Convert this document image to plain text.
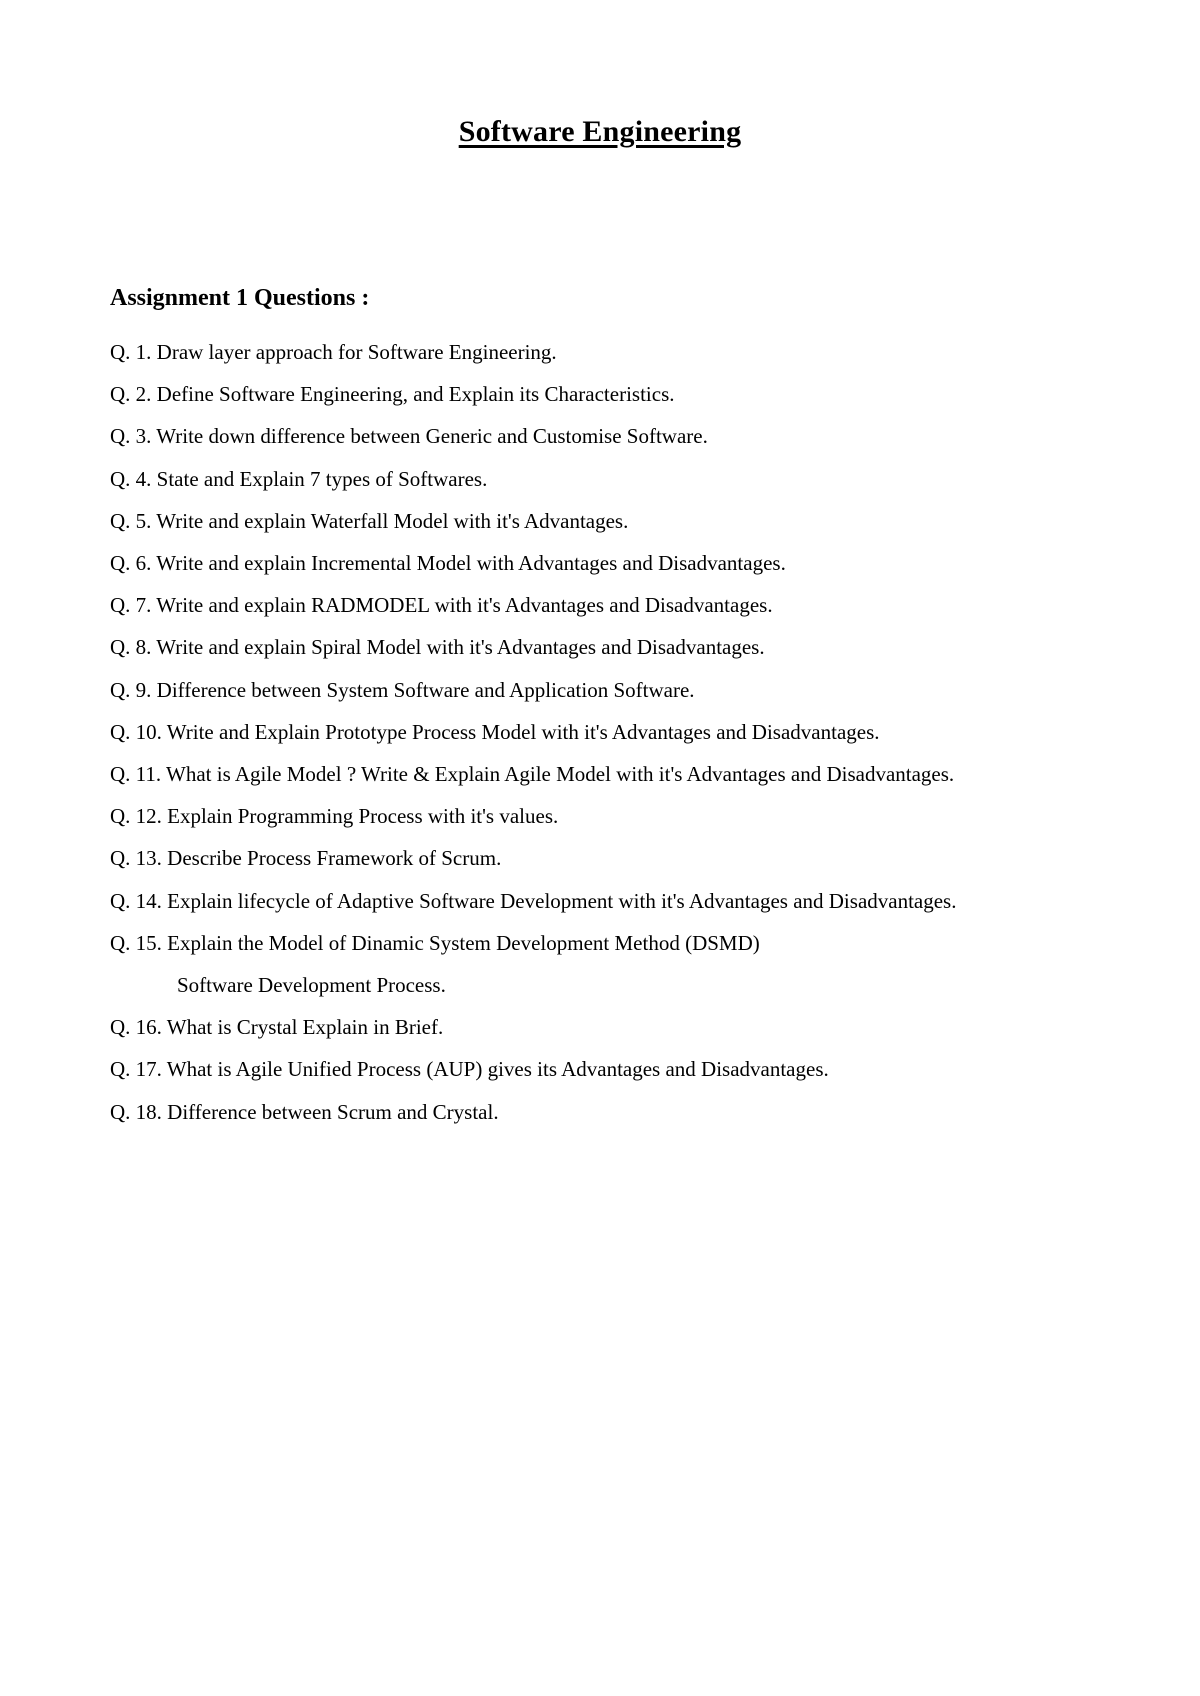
Software Engineering
Assignment 1 Questions :
Q. 1. Draw layer approach for Software Engineering.
Q. 2. Define Software Engineering, and Explain its Characteristics.
Q. 3. Write down difference between Generic and Customise Software.
Q. 4. State and Explain 7 types of Softwares.
Q. 5. Write and explain Waterfall Model with it's Advantages.
Q. 6. Write and explain Incremental Model with Advantages and Disadvantages.
Q. 7. Write and explain RADMODEL with it's Advantages and Disadvantages.
Q. 8. Write and explain Spiral Model with it's Advantages and Disadvantages.
Q. 9. Difference between System Software and Application Software.
Q. 10. Write and Explain Prototype Process Model with it's Advantages and Disadvantages.
Q. 11. What is Agile Model ? Write & Explain Agile Model with it's Advantages and Disadvantages.
Q. 12. Explain Programming Process with it's values.
Q. 13. Describe Process Framework of Scrum.
Q. 14. Explain lifecycle of Adaptive Software Development with it's Advantages and Disadvantages.
Q. 15. Explain the Model of Dinamic System Development Method (DSMD)
Software Development Process.
Q. 16. What is Crystal Explain in Brief.
Q. 17. What is Agile Unified Process (AUP) gives its Advantages and Disadvantages.
Q. 18. Difference between Scrum and Crystal.
